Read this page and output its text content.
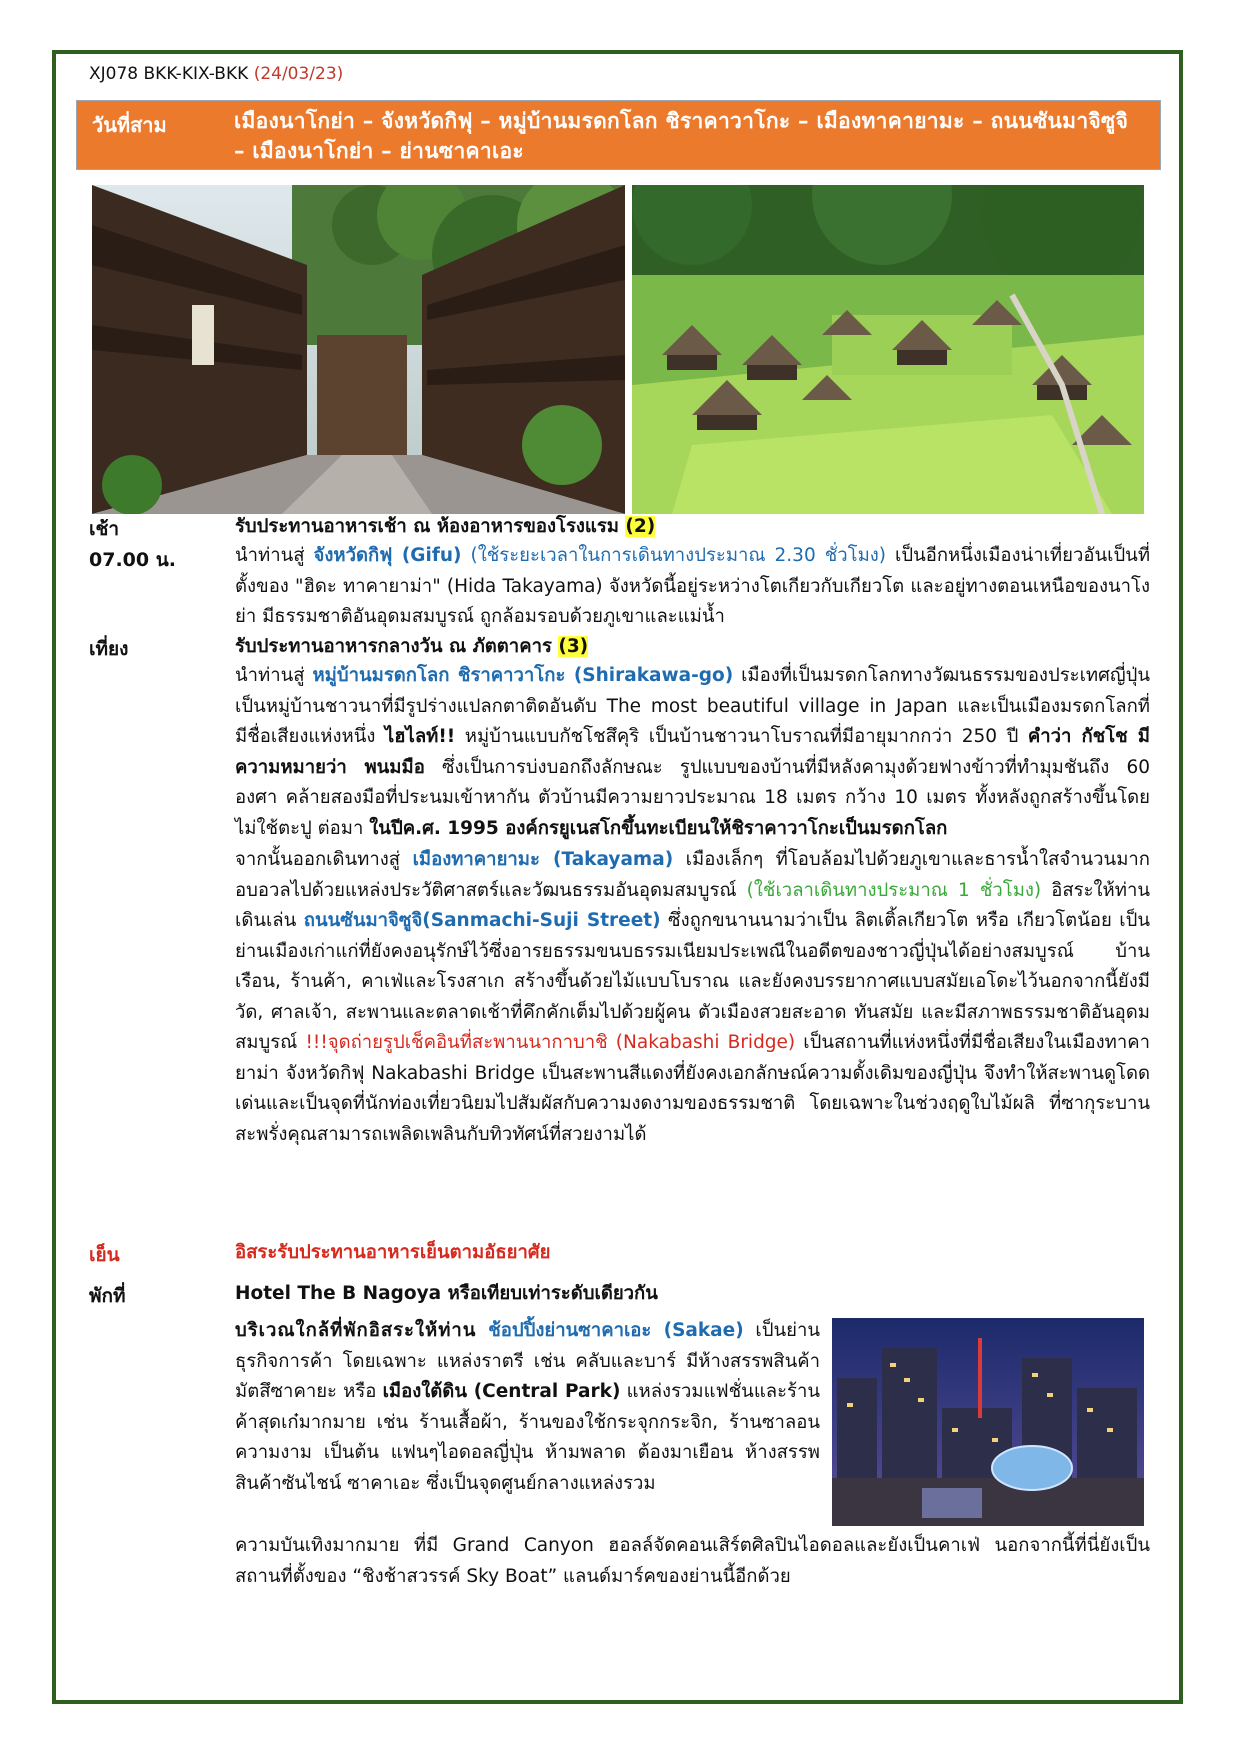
XJ078 BKK-KIX-BKK (24/03/23)
วันที่สาม	เมืองนาโกย่า – จังหวัดกิฟุ – หมู่บ้านมรดกโลก ชิราคาวาโกะ – เมืองทาคายามะ – ถนนซันมาจิซูจิ – เมืองนาโกย่า – ย่านซาคาเอะ
เช้า	รับประทานอาหารเช้า ณ ห้องอาหารของโรงแรม (2)
07.00 น.	นำท่านสู่ จังหวัดกิฟุ (Gifu) (ใช้ระยะเวลาในการเดินทางประมาณ 2.30 ชั่วโมง) เป็นอีกหนึ่งเมืองน่าเที่ยวอันเป็นที่ตั้งของ "ฮิดะ ทาคายาม่า" (Hida Takayama) จังหวัดนี้อยู่ระหว่างโตเกียวกับเกียวโต และอยู่ทางตอนเหนือของนาโงย่า มีธรรมชาติอันอุดมสมบูรณ์ ถูกล้อมรอบด้วยภูเขาและแม่น้ำ
เที่ยง	รับประทานอาหารกลางวัน ณ ภัตตาคาร (3)
นำท่านสู่ หมู่บ้านมรดกโลก ชิราคาวาโกะ (Shirakawa-go) เมืองที่เป็นมรดกโลกทางวัฒนธรรมของประเทศญี่ปุ่น เป็นหมู่บ้านชาวนาที่มีรูปร่างแปลกตาติดอันดับ The most beautiful village in Japan และเป็นเมืองมรดกโลกที่มีชื่อเสียงแห่งหนึ่ง ไฮไลท์!! หมู่บ้านแบบกัชโชสึคุริ เป็นบ้านชาวนาโบราณที่มีอายุมากกว่า 250 ปี คำว่า กัชโช มีความหมายว่า พนมมือ ซึ่งเป็นการบ่งบอกถึงลักษณะ รูปแบบของบ้านที่มีหลังคามุงด้วยฟางข้าวที่ทำมุมชันถึง 60 องศา คล้ายสองมือที่ประนมเข้าหากัน ตัวบ้านมีความยาวประมาณ 18 เมตร กว้าง 10 เมตร ทั้งหลังถูกสร้างขึ้นโดยไม่ใช้ตะปู ต่อมา ในปีค.ศ. 1995 องค์กรยูเนสโกขึ้นทะเบียนให้ชิราคาวาโกะเป็นมรดกโลก
จากนั้นออกเดินทางสู่ เมืองทาคายามะ (Takayama) เมืองเล็กๆ ที่โอบล้อมไปด้วยภูเขาและธารน้ำใสจำนวนมาก อบอวลไปด้วยแหล่งประวัติศาสตร์และวัฒนธรรมอันอุดมสมบูรณ์ (ใช้เวลาเดินทางประมาณ 1 ชั่วโมง) อิสระให้ท่านเดินเล่น ถนนซันมาจิซูจิ(Sanmachi-Suji Street) ซึ่งถูกขนานนามว่าเป็น ลิตเติ้ลเกียวโต หรือ เกียวโตน้อย เป็นย่านเมืองเก่าแก่ที่ยังคงอนุรักษ์ไว้ซึ่งอารยธรรมขนบธรรมเนียมประเพณีในอดีตของชาวญี่ปุ่นได้อย่างสมบูรณ์ บ้านเรือน, ร้านค้า, คาเฟ่และโรงสาเก สร้างขึ้นด้วยไม้แบบโบราณ และยังคงบรรยากาศแบบสมัยเอโดะไว้นอกจากนี้ยังมี วัด, ศาลเจ้า, สะพานและตลาดเช้าที่คึกคักเต็มไปด้วยผู้คน ตัวเมืองสวยสะอาด ทันสมัย และมีสภาพธรรมชาติอันอุดมสมบูรณ์ !!!จุดถ่ายรูปเช็คอินที่สะพานนากาบาชิ (Nakabashi Bridge) เป็นสถานที่แห่งหนึ่งที่มีชื่อเสียงในเมืองทาคายาม่า จังหวัดกิฟุ Nakabashi Bridge เป็นสะพานสีแดงที่ยังคงเอกลักษณ์ความดั้งเดิมของญี่ปุ่น จึงทำให้สะพานดูโดดเด่นและเป็นจุดที่นักท่องเที่ยวนิยมไปสัมผัสกับความงดงามของธรรมชาติ โดยเฉพาะในช่วงฤดูใบไม้ผลิ ที่ซากุระบานสะพรั่งคุณสามารถเพลิดเพลินกับทิวทัศน์ที่สวยงามได้
เย็น	อิสระรับประทานอาหารเย็นตามอัธยาศัย
พักที่	Hotel The B Nagoya หรือเทียบเท่าระดับเดียวกัน
บริเวณใกล้ที่พักอิสระให้ท่าน ช้อปปิ้งย่านซาคาเอะ (Sakae) เป็นย่านธุรกิจการค้า โดยเฉพาะ แหล่งราตรี เช่น คลับและบาร์ มีห้างสรรพสินค้ามัตสึซาคายะ หรือ เมืองใต้ดิน (Central Park) แหล่งรวมแฟชั่นและร้านค้าสุดเก๋มากมาย เช่น ร้านเสื้อผ้า, ร้านของใช้กระจุกกระจิก, ร้านซาลอนความงาม เป็นต้น แฟนๆไอดอลญี่ปุ่น ห้ามพลาด ต้องมาเยือน ห้างสรรพสินค้าซันไชน์ ซาคาเอะ ซึ่งเป็นจุดศูนย์กลางแหล่งรวม
ความบันเทิงมากมาย ที่มี Grand Canyon ฮอลล์จัดคอนเสิร์ตศิลปินไอดอลและยังเป็นคาเฟ่ นอกจากนี้ที่นี่ยังเป็นสถานที่ตั้งของ “ชิงช้าสวรรค์ Sky Boat” แลนด์มาร์คของย่านนี้อีกด้วย
